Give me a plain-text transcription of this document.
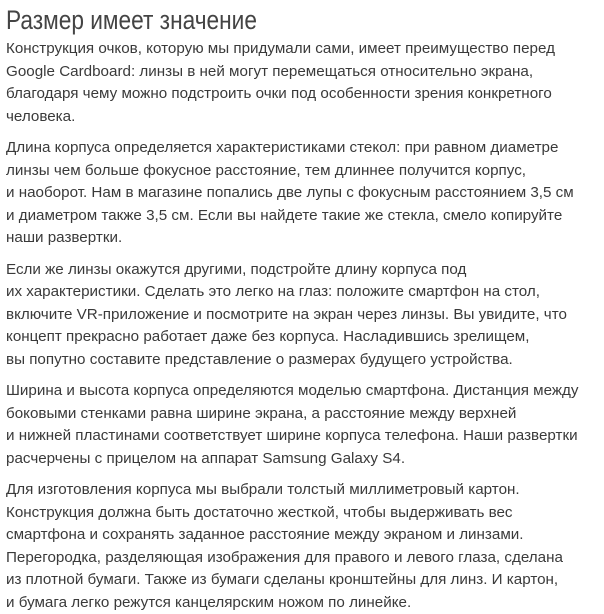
Размер имеет значение

Конструкция очков, которую мы придумали сами, имеет преимущество перед
Google Cardboard: линзы в ней могут перемещаться относительно экрана,
благодаря чему можно подстроить очки под особенности зрения конкретного
человека.

Длина корпуса определяется характеристиками стекол: при равном диаметре
линзы чем больше фокусное расстояние, тем длиннее получится корпус,
и наоборот. Нам в магазине попались две лупы с фокусным расстоянием 3,5 см
и диаметром также 3,5 см. Если вы найдете такие же стекла, смело копируйте
наши развертки.

Если же линзы окажутся другими, подстройте длину корпуса под
их характеристики. Сделать это легко на глаз: положите смартфон на стол,
включите VR-приложение и посмотрите на экран через линзы. Вы увидите, что
концепт прекрасно работает даже без корпуса. Насладившись зрелищем,
вы попутно составите представление о размерах будущего устройства.

Ширина и высота корпуса определяются моделью смартфона. Дистанция между
боковыми стенками равна ширине экрана, а расстояние между верхней
и нижней пластинами соответствует ширине корпуса телефона. Наши развертки
расчерчены с прицелом на аппарат Samsung Galaxy S4.

Для изготовления корпуса мы выбрали толстый миллиметровый картон.
Конструкция должна быть достаточно жесткой, чтобы выдерживать вес
смартфона и сохранять заданное расстояние между экраном и линзами.
Перегородка, разделяющая изображения для правого и левого глаза, сделана
из плотной бумаги. Также из бумаги сделаны кронштейны для линз. И картон,
и бумага легко режутся канцелярским ножом по линейке.
